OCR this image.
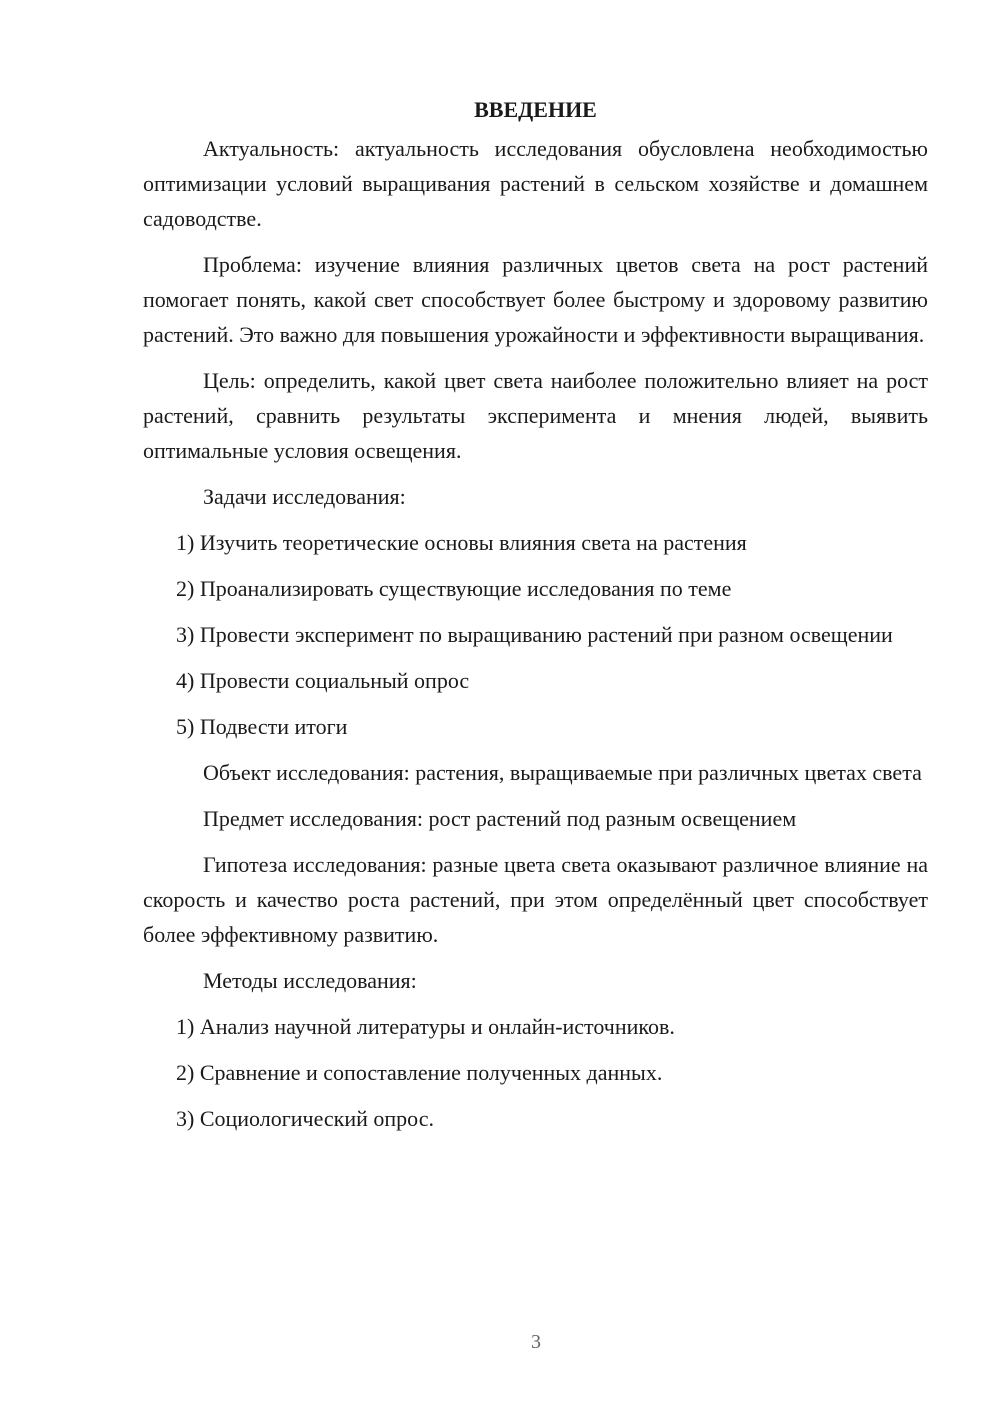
ВВЕДЕНИЕ

Актуальность: актуальность исследования обусловлена необходимостью оптимизации условий выращивания растений в сельском хозяйстве и домашнем садоводстве.

Проблема: изучение влияния различных цветов света на рост растений помогает понять, какой свет способствует более быстрому и здоровому развитию растений. Это важно для повышения урожайности и эффективности выращивания.

Цель: определить, какой цвет света наиболее положительно влияет на рост растений, сравнить результаты эксперимента и мнения людей, выявить оптимальные условия освещения.

Задачи исследования:

1) Изучить теоретические основы влияния света на растения

2) Проанализировать существующие исследования по теме

3) Провести эксперимент по выращиванию растений при разном освещении

4) Провести социальный опрос

5) Подвести итоги

Объект исследования: растения, выращиваемые при различных цветах света

Предмет исследования: рост растений под разным освещением

Гипотеза исследования: разные цвета света оказывают различное влияние на скорость и качество роста растений, при этом определённый цвет способствует более эффективному развитию.

Методы исследования:

1) Анализ научной литературы и онлайн-источников.

2) Сравнение и сопоставление полученных данных.

3) Социологический опрос.

3
